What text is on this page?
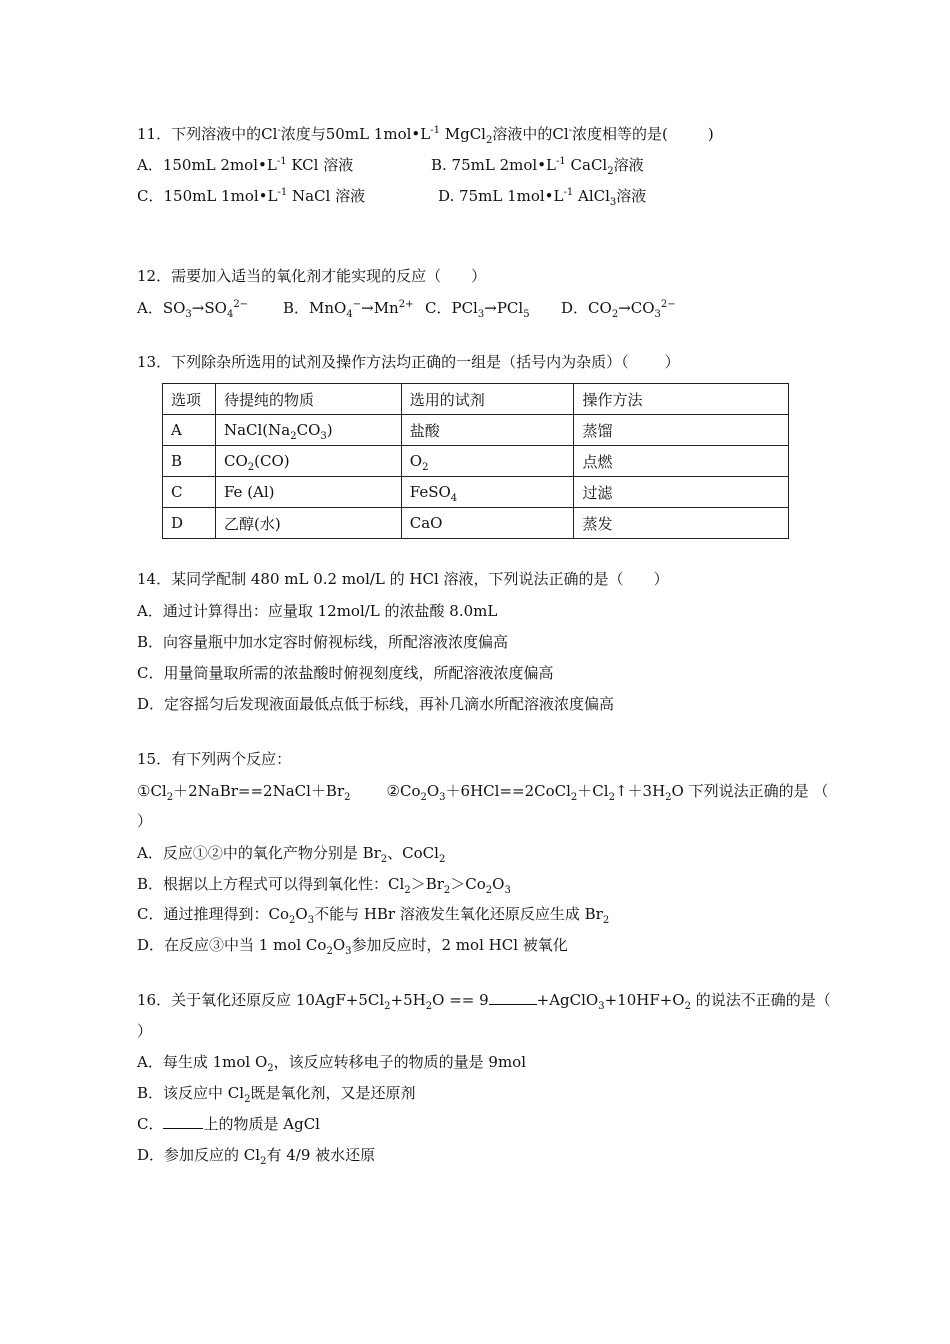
11．下列溶液中的Cl-浓度与50mL $1mol•L^{-1}$ MgCl$_2$溶液中的Cl-浓度相等的是(	)
A．150mL $2mol•L^{-1}$ KCl 溶液	B. 75mL $2mol•L^{-1}$ CaCl$_2$溶液
C．150mL $1mol•L^{-1}$ NaCl 溶液	D. 75mL $1mol•L^{-1}$ AlCl$_3$溶液
12．需要加入适当的氧化剂才能实现的反应（ ）
A．$SO_3\to SO_4^{2-}$ B．$MnO_4^-\to Mn^{2+}$ C．PCl$_3$→PCl$_5$ D．$CO_2\to CO_3^{2-}$
13．下列除杂所选用的试剂及操作方法均正确的一组是（括号内为杂质）（ ）
选项	待提纯的物质	选用的试剂	操作方法
A	$NaCl(Na_2CO_3)$	盐酸	蒸馏
B	$CO_2(CO)$	$O_2$	点燃
C	Fe (Al)	FeSO$_4$	过滤
D	乙醇(水)	CaO	蒸发
14．某同学配制 480 mL 0.2 mol/L 的 HCl 溶液，下列说法正确的是（ ）
A．通过计算得出：应量取 12mol/L 的浓盐酸 8.0mL
B．向容量瓶中加水定容时俯视标线，所配溶液浓度偏高
C．用量筒量取所需的浓盐酸时俯视刻度线，所配溶液浓度偏高
D．定容摇匀后发现液面最低点低于标线，再补几滴水所配溶液浓度偏高
15．有下列两个反应：
$①Cl_2+2NaBr==2NaCl+Br_2$ $②Co_2O_3+6HCl==2CoCl_2+Cl_2↑+3H_2O$ 下列说法正确的是 （
）
A．反应①②中的氧化产物分别是 $Br_2$、CoCl$_2$
B．根据以上方程式可以得到氧化性：$Cl_2>Br_2>Co_2O_3$
C．通过推理得到：$Co_2O_3$不能与 HBr 溶液发生氧化还原反应生成 $Br_2$
D．在反应③中当 1 mol $Co_2O_3$参加反应时，2 mol HCl 被氧化
16．关于氧化还原反应 $10AgF+5Cl_2+5H_2O == 9$	$+AgClO_3+10HF+O_2$ 的说法不正确的是（
）
A．每生成 1mol $O_2$，该反应转移电子的物质的量是 9mol
B．该反应中 $Cl_2$既是氧化剂，又是还原剂
C．	上的物质是 AgCl
D．参加反应的 $Cl_2$有 4/9 被水还原
